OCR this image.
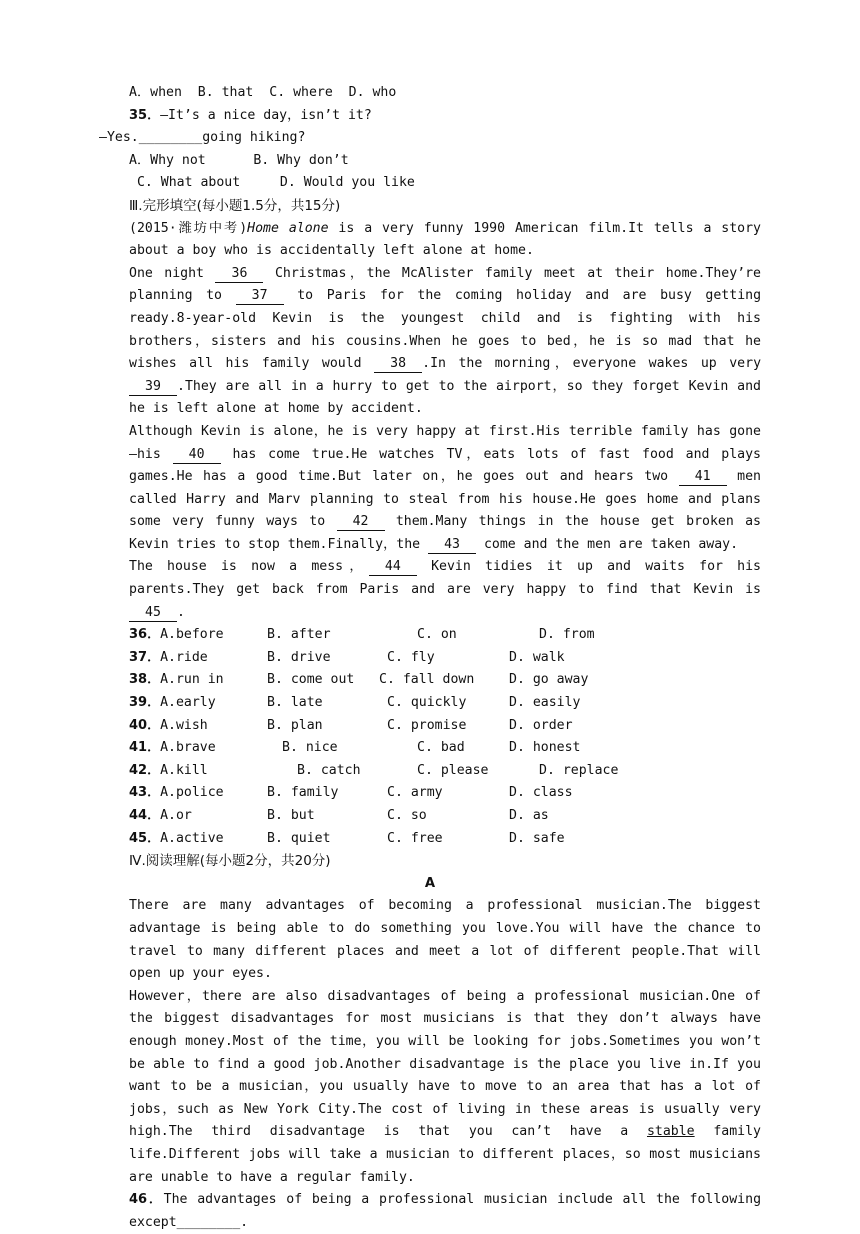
A．when B. that C. where D. who
35．—It’s a nice day，isn’t it?
—Yes.________going hiking?
A．Why not	B. Why don’t
C. What about	D. Would you like
Ⅲ.完形填空(每小题1.5分，共15分)
(2015·潍坊中考)Home alone is a very funny 1990 American film.It tells a story about a boy who is accidentally left alone at home.
One night 36 Christmas，the McAlister family meet at their home.They’re planning to 37 to Paris for the coming holiday and are busy getting ready.8-year-old Kevin is the youngest child and is fighting with his brothers，sisters and his cousins.When he goes to bed，he is so mad that he wishes all his family would 38 .In the morning，everyone wakes up very 39 .They are all in a hurry to get to the airport，so they forget Kevin and he is left alone at home by accident.
Although Kevin is alone，he is very happy at first.His terrible family has gone—his 40 has come true.He watches TV，eats lots of fast food and plays games.He has a good time.But later on，he goes out and hears two 41 men called Harry and Marv planning to steal from his house.He goes home and plans some very funny ways to 42 them.Many things in the house get broken as Kevin tries to stop them.Finally，the 43 come and the men are taken away.
The house is now a mess， 44 Kevin tidies it up and waits for his parents.They get back from Paris and are very happy to find that Kevin is 45 .
36．A.before	B. after	C. on	D. from
37．A.ride	B. drive	C. fly	D. walk
38．A.run in	B. come out	C. fall down	D. go away
39．A.early	B. late	C. quickly	D. easily
40．A.wish	B. plan	C. promise	D. order
41．A.brave	B. nice	C. bad	D. honest
42．A.kill	B. catch	C. please	D. replace
43．A.police	B. family	C. army	D. class
44．A.or	B. but	C. so	D. as
45．A.active	B. quiet	C. free	D. safe
Ⅳ.阅读理解(每小题2分，共20分)
A
There are many advantages of becoming a professional musician.The biggest advantage is being able to do something you love.You will have the chance to travel to many different places and meet a lot of different people.That will open up your eyes.
However，there are also disadvantages of being a professional musician.One of the biggest disadvantages for most musicians is that they don’t always have enough money.Most of the time，you will be looking for jobs.Sometimes you won’t be able to find a good job.Another disadvantage is the place you live in.If you want to be a musician，you usually have to move to an area that has a lot of jobs，such as New York City.The cost of living in these areas is usually very high.The third disadvantage is that you can’t have a stable family life.Different jobs will take a musician to different places，so most musicians are unable to have a regular family.
46．The advantages of being a professional musician include all the following except________.
